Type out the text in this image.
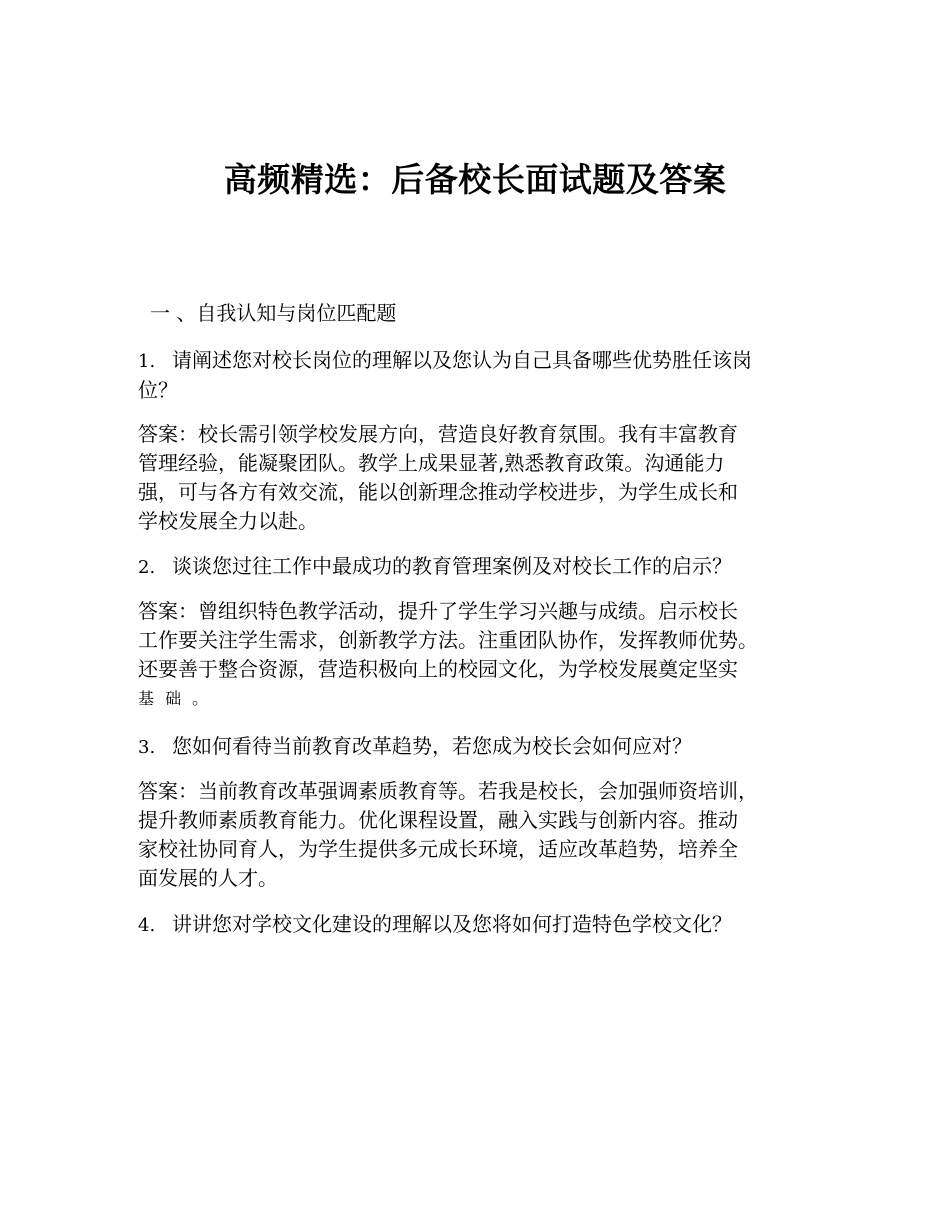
高频精选：后备校长面试题及答案
一 、自我认知与岗位匹配题
1. 请阐述您对校长岗位的理解以及您认为自己具备哪些优势胜任该岗
位？
答案：校长需引领学校发展方向，营造良好教育氛围。我有丰富教育
管理经验，能凝聚团队。教学上成果显著,熟悉教育政策。沟通能力
强，可与各方有效交流，能以创新理念推动学校进步，为学生成长和
学校发展全力以赴。
2. 谈谈您过往工作中最成功的教育管理案例及对校长工作的启示？
答案：曾组织特色教学活动，提升了学生学习兴趣与成绩。启示校长
工作要关注学生需求，创新教学方法。注重团队协作，发挥教师优势。
还要善于整合资源，营造积极向上的校园文化，为学校发展奠定坚实
基 础 。
3. 您如何看待当前教育改革趋势，若您成为校长会如何应对？
答案：当前教育改革强调素质教育等。若我是校长，会加强师资培训，
提升教师素质教育能力。优化课程设置，融入实践与创新内容。推动
家校社协同育人，为学生提供多元成长环境，适应改革趋势，培养全
面发展的人才。
4. 讲讲您对学校文化建设的理解以及您将如何打造特色学校文化？
